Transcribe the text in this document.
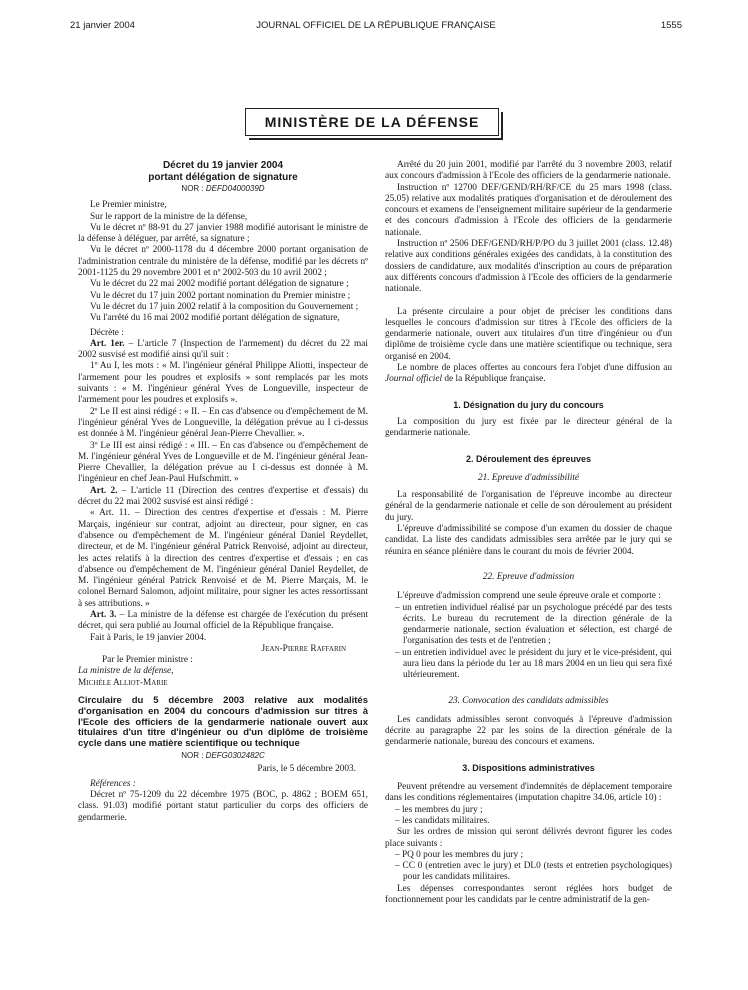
21 janvier 2004	JOURNAL OFFICIEL DE LA RÉPUBLIQUE FRANÇAISE	1555
MINISTÈRE DE LA DÉFENSE

Décret du 19 janvier 2004

portant délégation de signature

NOR : DEFD0400039D

Le Premier ministre,

Sur le rapport de la ministre de la défense,

Vu le décret nº 88-91 du 27 janvier 1988 modifié autorisant le ministre de la défense à déléguer, par arrêté, sa signature ;

Vu le décret nº 2000-1178 du 4 décembre 2000 portant organisation de l'administration centrale du ministère de la défense, modifié par les décrets nº 2001-1125 du 29 novembre 2001 et nº 2002-503 du 10 avril 2002 ;

Vu le décret du 22 mai 2002 modifié portant délégation de signature ;

Vu le décret du 17 juin 2002 portant nomination du Premier ministre ;

Vu le décret du 17 juin 2002 relatif à la composition du Gouvernement ;

Vu l'arrêté du 16 mai 2002 modifié portant délégation de signature,

Décrète :

Art. 1er. – L'article 7 (Inspection de l'armement) du décret du 22 mai 2002 susvisé est modifié ainsi qu'il suit :

1º Au I, les mots : « M. l'ingénieur général Philippe Aliotti, inspecteur de l'armement pour les poudres et explosifs » sont remplacés par les mots suivants : « M. l'ingénieur général Yves de Longueville, inspecteur de l'armement pour les poudres et explosifs ».

2º Le II est ainsi rédigé : « II. – En cas d'absence ou d'empêchement de M. l'ingénieur général Yves de Longueville, la délégation prévue au I ci-dessus est donnée à M. l'ingénieur général Jean-Pierre Chevallier. ».

3º Le III est ainsi rédigé : « III. – En cas d'absence ou d'empêchement de M. l'ingénieur général Yves de Longueville et de M. l'ingénieur général Jean-Pierre Chevallier, la délégation prévue au I ci-dessus est donnée à M. l'ingénieur en chef Jean-Paul Hufschmitt. »

Art. 2. – L'article 11 (Direction des centres d'expertise et d'essais) du décret du 22 mai 2002 susvisé est ainsi rédigé :

« Art. 11. – Direction des centres d'expertise et d'essais : M. Pierre Marçais, ingénieur sur contrat, adjoint au directeur, pour signer, en cas d'absence ou d'empêchement de M. l'ingénieur général Daniel Reydellet, directeur, et de M. l'ingénieur général Patrick Renvoisé, adjoint au directeur, les actes relatifs à la direction des centres d'expertise et d'essais ; en cas d'absence ou d'empêchement de M. l'ingénieur général Daniel Reydellet, de M. l'ingénieur général Patrick Renvoisé et de M. Pierre Marçais, M. le colonel Bernard Salomon, adjoint militaire, pour signer les actes ressortissant à ses attributions. »

Art. 3. – La ministre de la défense est chargée de l'exécution du présent décret, qui sera publié au Journal officiel de la République française.

Fait à Paris, le 19 janvier 2004.

Jean-Pierre Raffarin

Par le Premier ministre :

La ministre de la défense,

Michèle Alliot-Marie

Circulaire du 5 décembre 2003 relative aux modalités d'organisation en 2004 du concours d'admission sur titres à l'Ecole des officiers de la gendarmerie nationale ouvert aux titulaires d'un titre d'ingénieur ou d'un diplôme de troisième cycle dans une matière scientifique ou technique

NOR : DEFG0302482C

Paris, le 5 décembre 2003.

Références :

Décret nº 75-1209 du 22 décembre 1975 (BOC, p. 4862 ; BOEM 651, class. 91.03) modifié portant statut particulier du corps des officiers de gendarmerie.

Arrêté du 20 juin 2001, modifié par l'arrêté du 3 novembre 2003, relatif aux concours d'admission à l'Ecole des officiers de la gendarmerie nationale.

Instruction nº 12700 DEF/GEND/RH/RF/CE du 25 mars 1998 (class. 25.05) relative aux modalités pratiques d'organisation et de déroulement des concours et examens de l'enseignement militaire supérieur de la gendarmerie et des concours d'admission à l'Ecole des officiers de la gendarmerie nationale.

Instruction nº 2506 DEF/GEND/RH/P/PO du 3 juillet 2001 (class. 12.48) relative aux conditions générales exigées des candidats, à la constitution des dossiers de candidature, aux modalités d'inscription au cours de préparation aux différents concours d'admission à l'Ecole des officiers de la gendarmerie nationale.

La présente circulaire a pour objet de préciser les conditions dans lesquelles le concours d'admission sur titres à l'Ecole des officiers de la gendarmerie nationale, ouvert aux titulaires d'un titre d'ingénieur ou d'un diplôme de troisième cycle dans une matière scientifique ou technique, sera organisé en 2004.

Le nombre de places offertes au concours fera l'objet d'une diffusion au Journal officiel de la République française.

1. Désignation du jury du concours

La composition du jury est fixée par le directeur général de la gendarmerie nationale.

2. Déroulement des épreuves

21. Epreuve d'admissibilité

La responsabilité de l'organisation de l'épreuve incombe au directeur général de la gendarmerie nationale et celle de son déroulement au président du jury.

L'épreuve d'admissibilité se compose d'un examen du dossier de chaque candidat. La liste des candidats admissibles sera arrêtée par le jury qui se réunira en séance plénière dans le courant du mois de février 2004.

22. Epreuve d'admission

L'épreuve d'admission comprend une seule épreuve orale et comporte :

– un entretien individuel réalisé par un psychologue précédé par des tests écrits. Le bureau du recrutement de la direction générale de la gendarmerie nationale, section évaluation et sélection, est chargé de l'organisation des tests et de l'entretien ;
– un entretien individuel avec le président du jury et le vice-président, qui aura lieu dans la période du 1er au 18 mars 2004 en un lieu qui sera fixé ultérieurement.

23. Convocation des candidats admissibles

Les candidats admissibles seront convoqués à l'épreuve d'admission décrite au paragraphe 22 par les soins de la direction générale de la gendarmerie nationale, bureau des concours et examens.

3. Dispositions administratives

Peuvent prétendre au versement d'indemnités de déplacement temporaire dans les conditions réglementaires (imputation chapitre 34.06, article 10) :

– les membres du jury ;
– les candidats militaires.

Sur les ordres de mission qui seront délivrés devront figurer les codes place suivants :

– PQ 0 pour les membres du jury ;
– CC 0 (entretien avec le jury) et DL0 (tests et entretien psychologiques) pour les candidats militaires.

Les dépenses correspondantes seront réglées hors budget de fonctionnement pour les candidats par le centre administratif de la gen-
